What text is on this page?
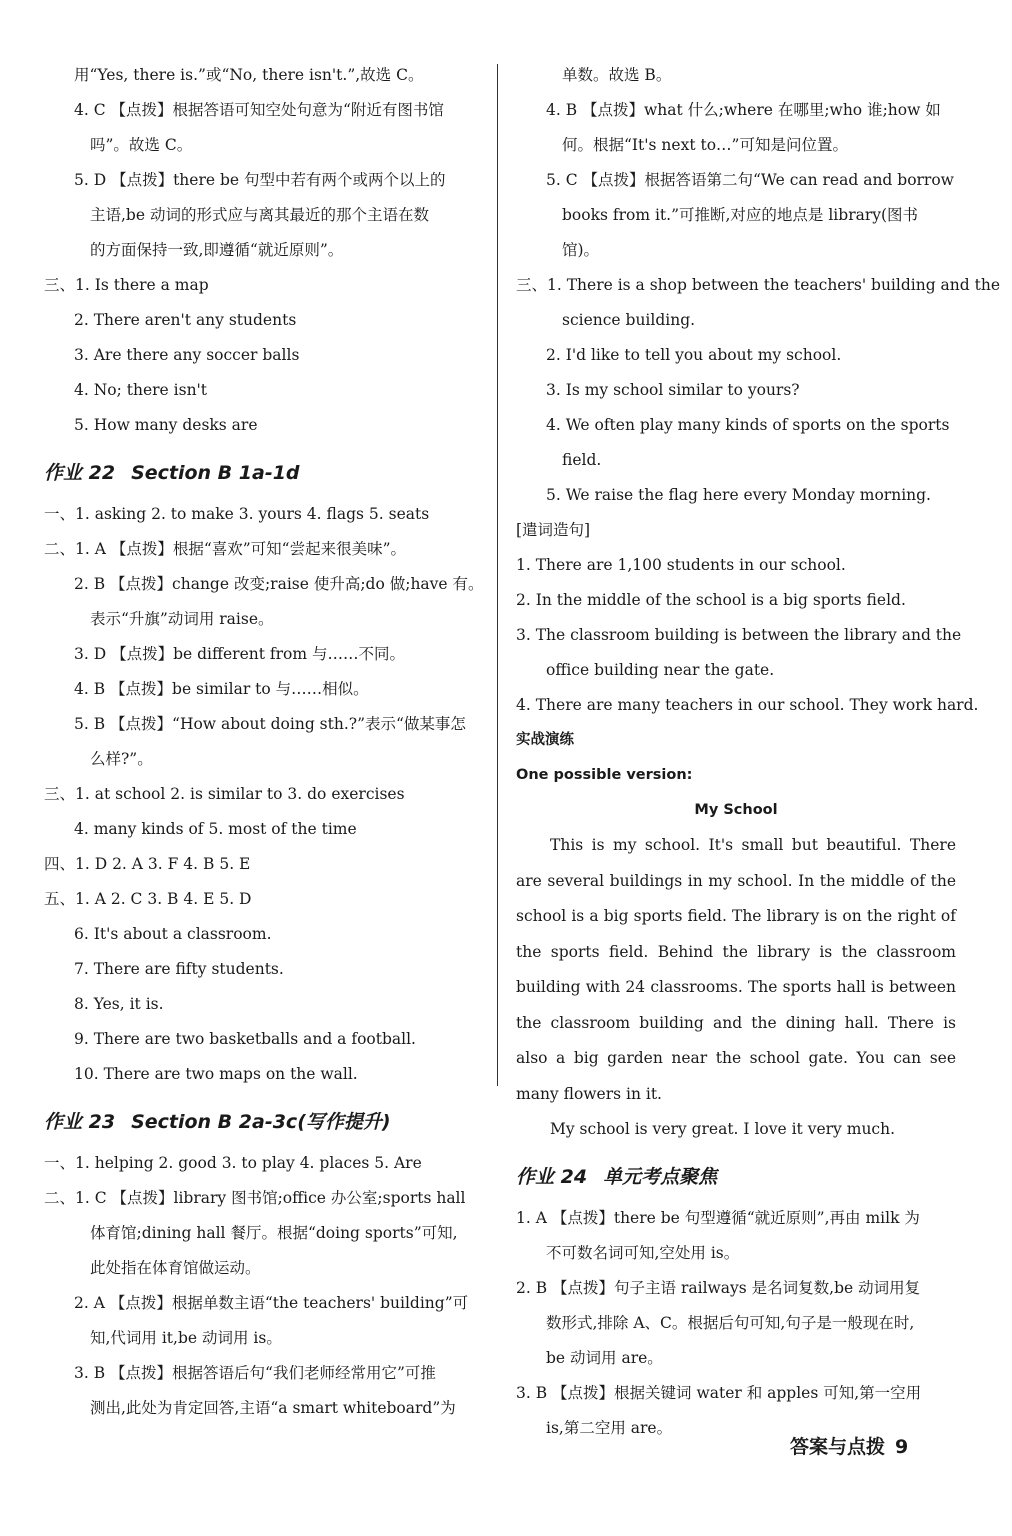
用“Yes, there is.”或“No, there isn't.”,故选 C。
4. C 【点拨】根据答语可知空处句意为“附近有图书馆
吗”。故选 C。
5. D 【点拨】there be 句型中若有两个或两个以上的
主语,be 动词的形式应与离其最近的那个主语在数
的方面保持一致,即遵循“就近原则”。
三、1. Is there a map
2. There aren't any students
3. Are there any soccer balls
4. No; there isn't
5. How many desks are
作业 22 Section B 1a-1d
一、1. asking 2. to make 3. yours 4. flags 5. seats
二、1. A 【点拨】根据“喜欢”可知“尝起来很美味”。
2. B 【点拨】change 改变;raise 使升高;do 做;have 有。
表示“升旗”动词用 raise。
3. D 【点拨】be different from 与……不同。
4. B 【点拨】be similar to 与……相似。
5. B 【点拨】“How about doing sth.?”表示“做某事怎
么样?”。
三、1. at school 2. is similar to 3. do exercises
4. many kinds of 5. most of the time
四、1. D 2. A 3. F 4. B 5. E
五、1. A 2. C 3. B 4. E 5. D
6. It's about a classroom.
7. There are fifty students.
8. Yes, it is.
9. There are two basketballs and a football.
10. There are two maps on the wall.
作业 23 Section B 2a-3c(写作提升)
一、1. helping 2. good 3. to play 4. places 5. Are
二、1. C 【点拨】library 图书馆;office 办公室;sports hall
体育馆;dining hall 餐厅。根据“doing sports”可知,
此处指在体育馆做运动。
2. A 【点拨】根据单数主语“the teachers' building”可
知,代词用 it,be 动词用 is。
3. B 【点拨】根据答语后句“我们老师经常用它”可推
测出,此处为肯定回答,主语“a smart whiteboard”为
单数。故选 B。
4. B 【点拨】what 什么;where 在哪里;who 谁;how 如
何。根据“It's next to…”可知是问位置。
5. C 【点拨】根据答语第二句“We can read and borrow
books from it.”可推断,对应的地点是 library(图书
馆)。
三、1. There is a shop between the teachers' building and the
science building.
2. I'd like to tell you about my school.
3. Is my school similar to yours?
4. We often play many kinds of sports on the sports
field.
5. We raise the flag here every Monday morning.
[遣词造句]
1. There are 1,100 students in our school.
2. In the middle of the school is a big sports field.
3. The classroom building is between the library and the
office building near the gate.
4. There are many teachers in our school. They work hard.
实战演练
One possible version:
My School
This is my school. It's small but beautiful. There are several buildings in my school. In the middle of the school is a big sports field. The library is on the right of the sports field. Behind the library is the classroom building with 24 classrooms. The sports hall is between the classroom building and the dining hall. There is also a big garden near the school gate. You can see many flowers in it.
My school is very great. I love it very much.
作业 24 单元考点聚焦
1. A 【点拨】there be 句型遵循“就近原则”,再由 milk 为
不可数名词可知,空处用 is。
2. B 【点拨】句子主语 railways 是名词复数,be 动词用复
数形式,排除 A、C。根据后句可知,句子是一般现在时,
be 动词用 are。
3. B 【点拨】根据关键词 water 和 apples 可知,第一空用
is,第二空用 are。
答案与点拨 9
